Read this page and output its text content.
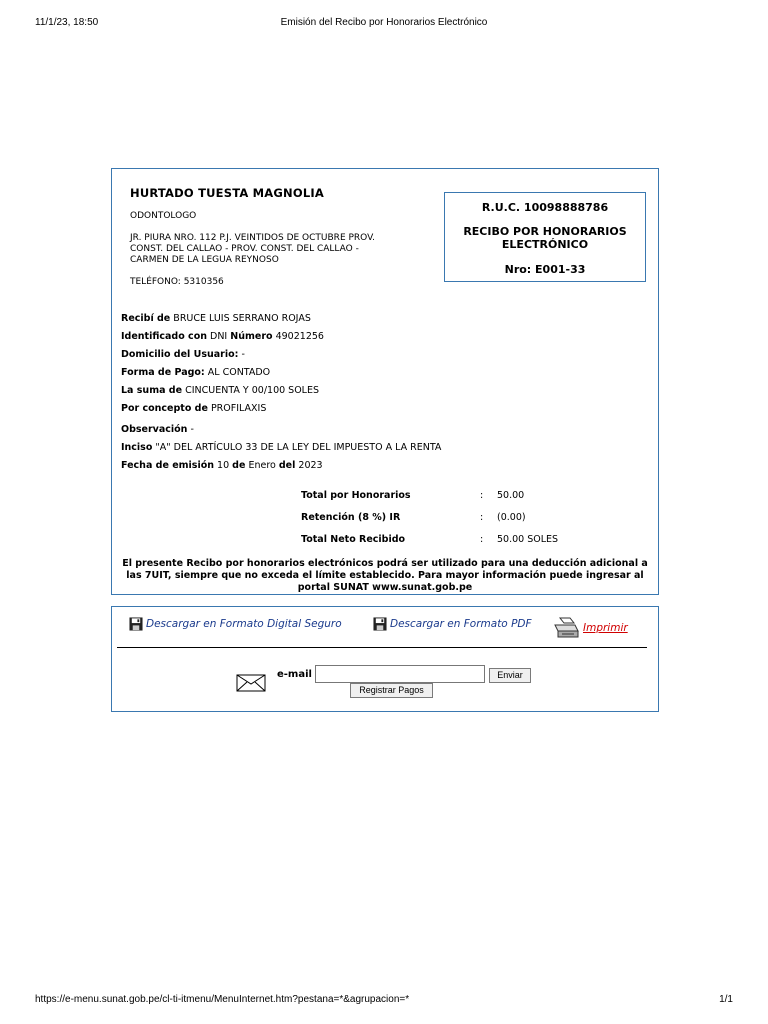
11/1/23, 18:50	Emisión del Recibo por Honorarios Electrónico
HURTADO TUESTA MAGNOLIA
ODONTOLOGO
JR. PIURA NRO. 112 P.J. VEINTIDOS DE OCTUBRE PROV.
CONST. DEL CALLAO - PROV. CONST. DEL CALLAO -
CARMEN DE LA LEGUA REYNOSO
TELÉFONO: 5310356
R.U.C. 10098888786
RECIBO POR HONORARIOS
ELECTRÓNICO
Nro: E001-33
Recibí de BRUCE LUIS SERRANO ROJAS
Identificado con DNI Número 49021256
Domicilio del Usuario: -
Forma de Pago: AL CONTADO
La suma de CINCUENTA Y 00/100 SOLES
Por concepto de PROFILAXIS
Observación -
Inciso "A" DEL ARTÍCULO 33 DE LA LEY DEL IMPUESTO A LA RENTA
Fecha de emisión 10 de Enero del 2023
Total por Honorarios	: 50.00
Retención (8 %) IR	: (0.00)
Total Neto Recibido	: 50.00 SOLES
El presente Recibo por honorarios electrónicos podrá ser utilizado para una deducción adicional a las 7UIT, siempre que no exceda el límite establecido. Para mayor información puede ingresar al portal SUNAT www.sunat.gob.pe
Descargar en Formato Digital Seguro	Descargar en Formato PDF	Imprimir
e-mail	Enviar
Registrar Pagos
https://e-menu.sunat.gob.pe/cl-ti-itmenu/MenuInternet.htm?pestana=*&agrupacion=*	1/1
